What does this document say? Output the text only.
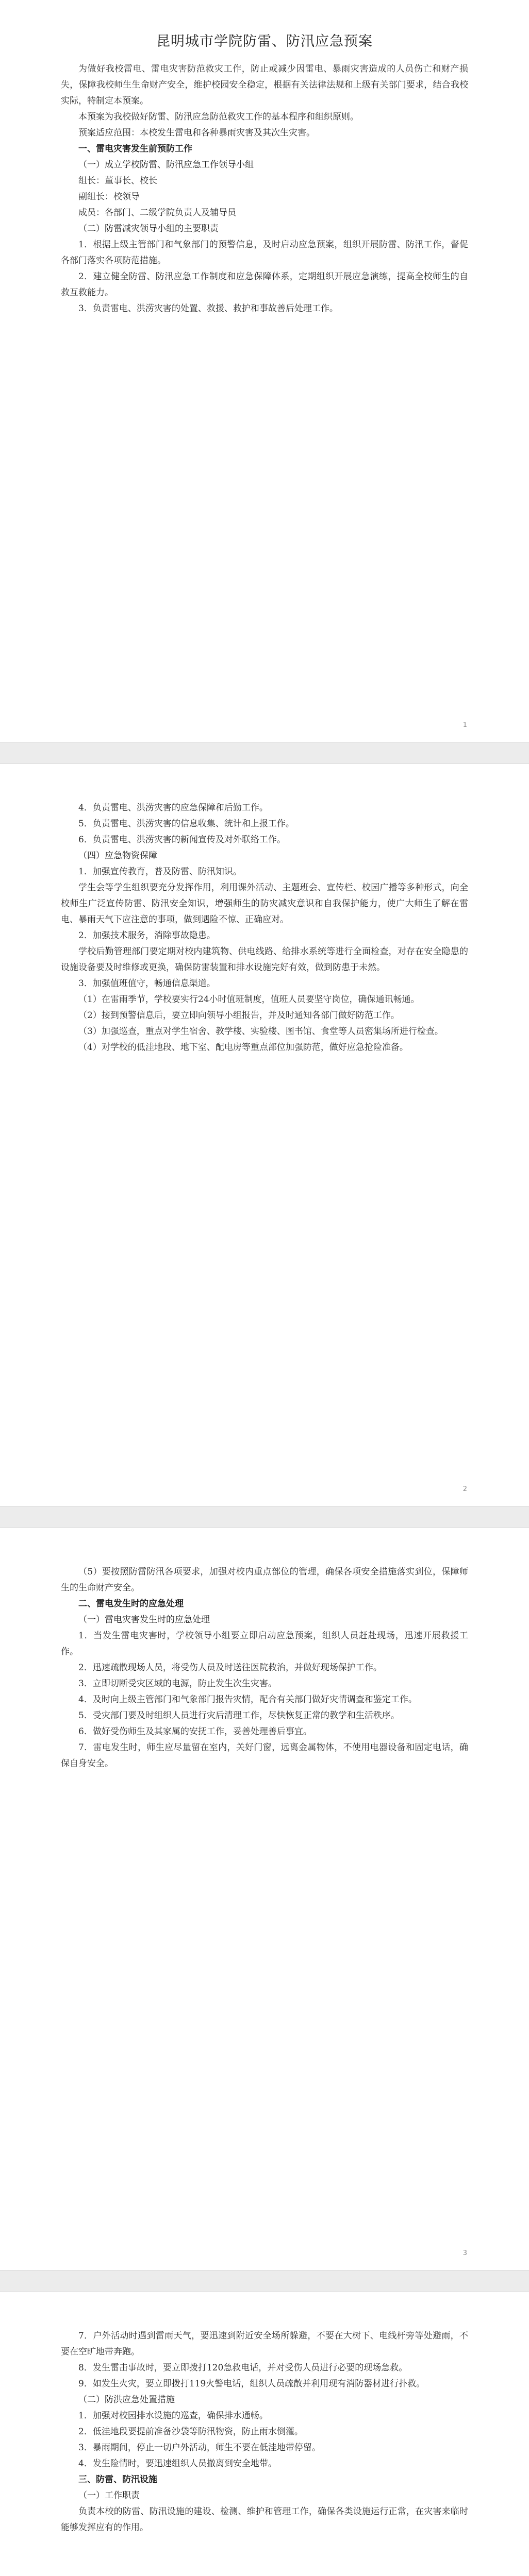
昆明城市学院防雷、防汛应急预案

为做好我校雷电、雷电灾害防范救灾工作，防止或减少因雷电、暴雨灾害造成的人员伤亡和财产损失，保障我校师生生命财产安全，维护校园安全稳定，根据有关法律法规和上级有关部门要求，结合我校实际，特制定本预案。

本预案为我校做好防雷、防汛应急防范救灾工作的基本程序和组织原则。

预案适应范围：本校发生雷电和各种暴雨灾害及其次生灾害。

一、雷电灾害发生前预防工作

（一）成立学校防雷、防汛应急工作领导小组

组长：董事长、校长

副组长：校领导

成员：各部门、二级学院负责人及辅导员

（二）防雷减灾领导小组的主要职责

1．根据上级主管部门和气象部门的预警信息，及时启动应急预案，组织开展防雷、防汛工作，督促各部门落实各项防范措施。

2．建立健全防雷、防汛应急工作制度和应急保障体系，定期组织开展应急演练，提高全校师生的自救互救能力。

3．负责雷电、洪涝灾害的处置、救援、救护和事故善后处理工作。

1

4．负责雷电、洪涝灾害的应急保障和后勤工作。

5．负责雷电、洪涝灾害的信息收集、统计和上报工作。

6．负责雷电、洪涝灾害的新闻宣传及对外联络工作。

（四）应急物资保障

1．加强宣传教育，普及防雷、防汛知识。

学生会等学生组织要充分发挥作用，利用课外活动、主题班会、宣传栏、校园广播等多种形式，向全校师生广泛宣传防雷、防汛安全知识，增强师生的防灾减灾意识和自我保护能力，使广大师生了解在雷电、暴雨天气下应注意的事项，做到遇险不惊、正确应对。

2．加强技术服务，消除事故隐患。

学校后勤管理部门要定期对校内建筑物、供电线路、给排水系统等进行全面检查，对存在安全隐患的设施设备要及时维修或更换，确保防雷装置和排水设施完好有效，做到防患于未然。

3．加强值班值守，畅通信息渠道。

（1）在雷雨季节，学校要实行24小时值班制度，值班人员要坚守岗位，确保通讯畅通。

（2）接到预警信息后，要立即向领导小组报告，并及时通知各部门做好防范工作。

（3）加强巡查，重点对学生宿舍、教学楼、实验楼、图书馆、食堂等人员密集场所进行检查。

（4）对学校的低洼地段、地下室、配电房等重点部位加强防范，做好应急抢险准备。

2

（5）要按照防雷防汛各项要求，加强对校内重点部位的管理，确保各项安全措施落实到位，保障师生的生命财产安全。

二、雷电发生时的应急处理

（一）雷电灾害发生时的应急处理

1．当发生雷电灾害时，学校领导小组要立即启动应急预案，组织人员赶赴现场，迅速开展救援工作。

2．迅速疏散现场人员，将受伤人员及时送往医院救治，并做好现场保护工作。

3．立即切断受灾区域的电源，防止发生次生灾害。

4．及时向上级主管部门和气象部门报告灾情，配合有关部门做好灾情调查和鉴定工作。

5．受灾部门要及时组织人员进行灾后清理工作，尽快恢复正常的教学和生活秩序。

6．做好受伤师生及其家属的安抚工作，妥善处理善后事宜。

7．雷电发生时，师生应尽量留在室内，关好门窗，远离金属物体，不使用电器设备和固定电话，确保自身安全。

3

7．户外活动时遇到雷雨天气，要迅速到附近安全场所躲避，不要在大树下、电线杆旁等处避雨，不要在空旷地带奔跑。

8．发生雷击事故时，要立即拨打120急救电话，并对受伤人员进行必要的现场急救。

9．如发生火灾，要立即拨打119火警电话，组织人员疏散并利用现有消防器材进行扑救。

（二）防洪应急处置措施

1．加强对校园排水设施的巡查，确保排水通畅。

2．低洼地段要提前准备沙袋等防汛物资，防止雨水倒灌。

3．暴雨期间，停止一切户外活动，师生不要在低洼地带停留。

4．发生险情时，要迅速组织人员撤离到安全地带。

三、防雷、防汛设施

（一）工作职责

负责本校的防雷、防汛设施的建设、检测、维护和管理工作，确保各类设施运行正常，在灾害来临时能够发挥应有的作用。
